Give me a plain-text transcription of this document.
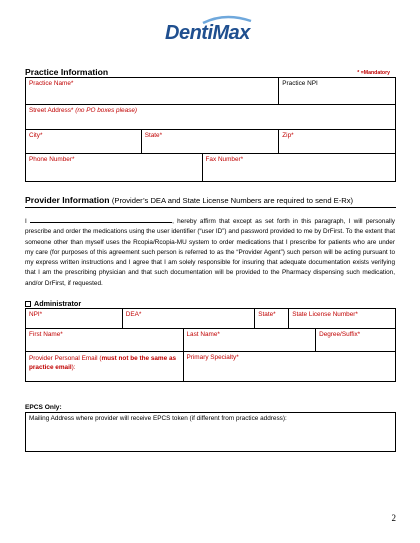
DentiMax
Practice Information	* =Mandatory
Practice Name*			Practice NPI
Street Address* (no PO boxes please)			
City*	State*		Zip*
Phone Number*		Fax Number*	
Provider Information (Provider’s DEA and State License Numbers are required to send E-Rx)
I	, hereby affirm that except as set forth in this paragraph, I will personally prescribe and order the medications using the user identifier (“user ID”) and password provided to me by DrFirst. To the extent that someone other than myself uses the Rcopia/Rcopia-MU system to order medications that I prescribe for patients who are under my care (for purposes of this agreement such person is referred to as the “Provider Agent”) such person will be acting pursuant to my express written instructions and I agree that I am solely responsible for insuring that adequate documentation exists verifying that I am the prescribing physician and that such documentation will be provided to the Pharmacy dispensing such medication, and/or DrFirst, if requested.
Administrator
NPI*	DEA*		State*	State License Number*	
First Name*		Last Name*			Degree/Suffix*
Provider Personal Email (must not be the same as practice email):		Primary Specialty*			
EPCS Only:
Mailing Address where provider will receive EPCS token (if different from practice address):
2
